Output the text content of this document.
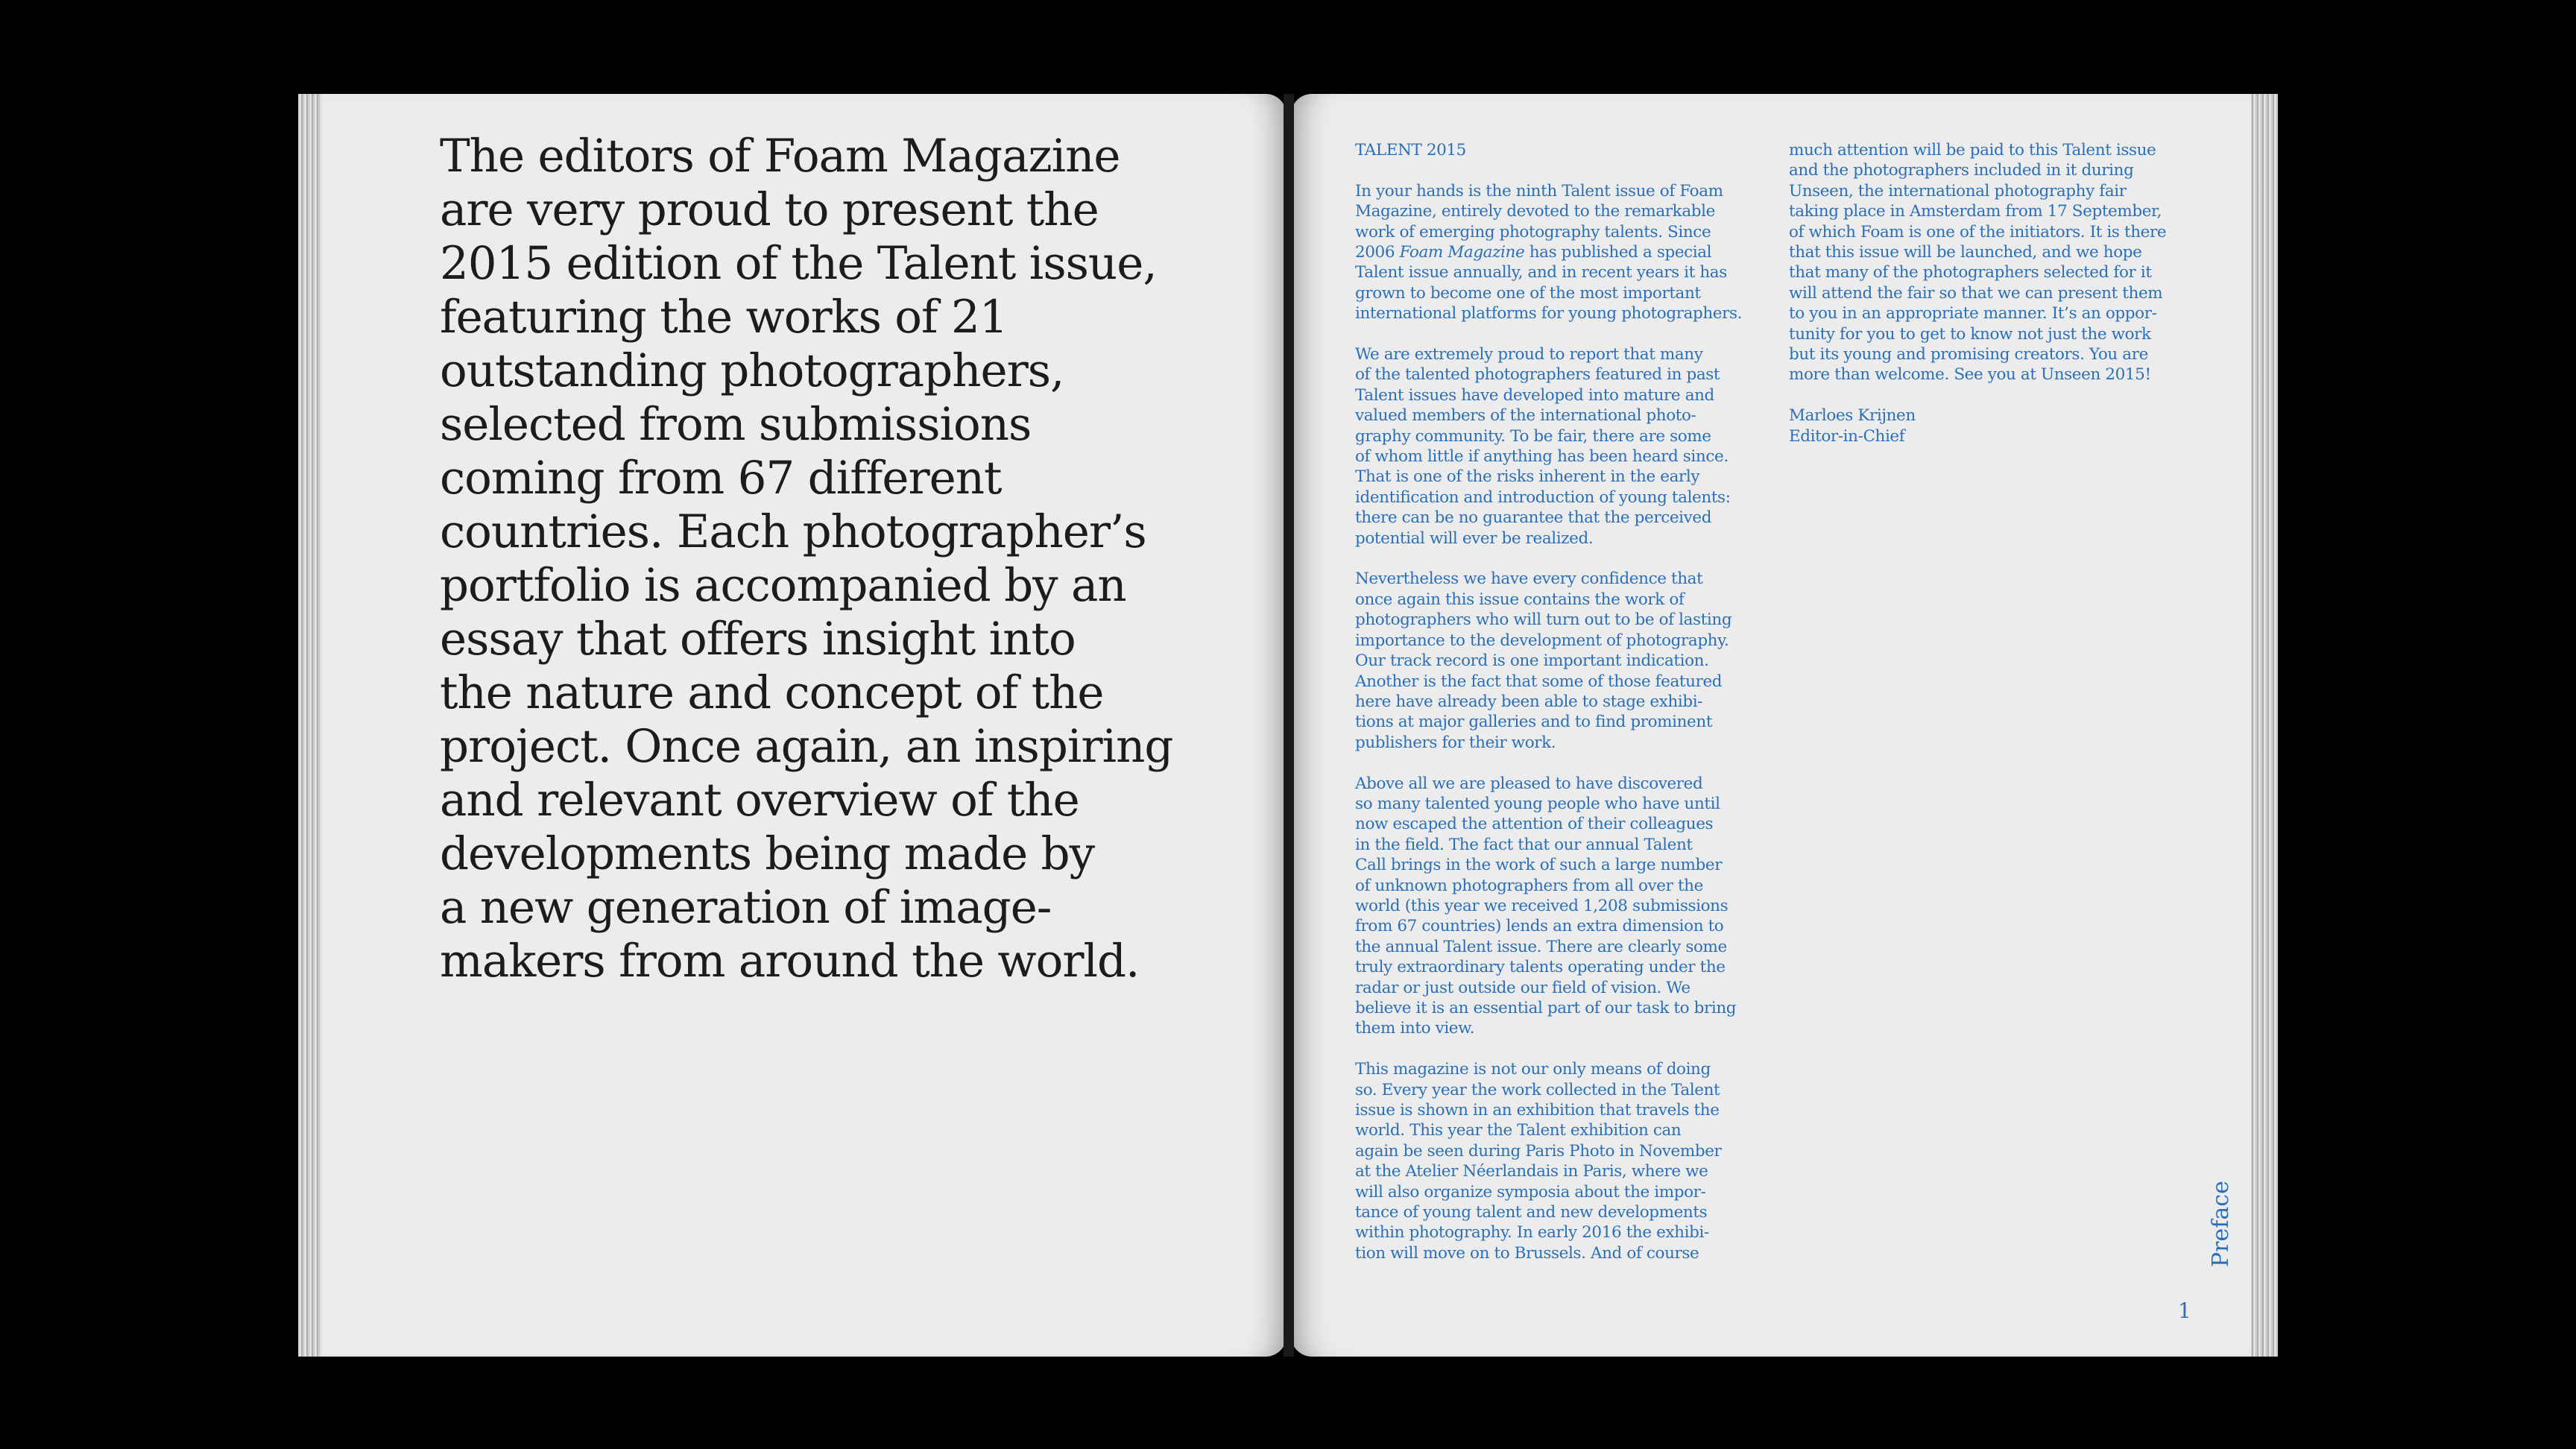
The editors of Foam Magazine
are very proud to present the
2015 edition of the Talent issue,
featuring the works of 21
outstanding photographers,
selected from submissions
coming from 67 different
countries. Each photographer’s
portfolio is accompanied by an
essay that offers insight into
the nature and concept of the
project. Once again, an inspiring
and relevant overview of the
developments being made by
a new generation of image-
makers from around the world.

TALENT 2015

In your hands is the ninth Talent issue of Foam
Magazine, entirely devoted to the remarkable
work of emerging photography talents. Since
2006 Foam Magazine has published a special
Talent issue annually, and in recent years it has
grown to become one of the most important
international platforms for young photographers.

We are extremely proud to report that many
of the talented photographers featured in past
Talent issues have developed into mature and
valued members of the international photo-
graphy community. To be fair, there are some
of whom little if anything has been heard since.
That is one of the risks inherent in the early
identification and introduction of young talents:
there can be no guarantee that the perceived
potential will ever be realized.

Nevertheless we have every confidence that
once again this issue contains the work of
photographers who will turn out to be of lasting
importance to the development of photography.
Our track record is one important indication.
Another is the fact that some of those featured
here have already been able to stage exhibi-
tions at major galleries and to find prominent
publishers for their work.

Above all we are pleased to have discovered
so many talented young people who have until
now escaped the attention of their colleagues
in the field. The fact that our annual Talent
Call brings in the work of such a large number
of unknown photographers from all over the
world (this year we received 1,208 submissions
from 67 countries) lends an extra dimension to
the annual Talent issue. There are clearly some
truly extraordinary talents operating under the
radar or just outside our field of vision. We
believe it is an essential part of our task to bring
them into view.

This magazine is not our only means of doing
so. Every year the work collected in the Talent
issue is shown in an exhibition that travels the
world. This year the Talent exhibition can
again be seen during Paris Photo in November
at the Atelier Néerlandais in Paris, where we
will also organize symposia about the impor-
tance of young talent and new developments
within photography. In early 2016 the exhibi-
tion will move on to Brussels. And of course

much attention will be paid to this Talent issue
and the photographers included in it during
Unseen, the international photography fair
taking place in Amsterdam from 17 September,
of which Foam is one of the initiators. It is there
that this issue will be launched, and we hope
that many of the photographers selected for it
will attend the fair so that we can present them
to you in an appropriate manner. It’s an oppor-
tunity for you to get to know not just the work
but its young and promising creators. You are
more than welcome. See you at Unseen 2015!

Marloes Krijnen
Editor-in-Chief

Preface
1
